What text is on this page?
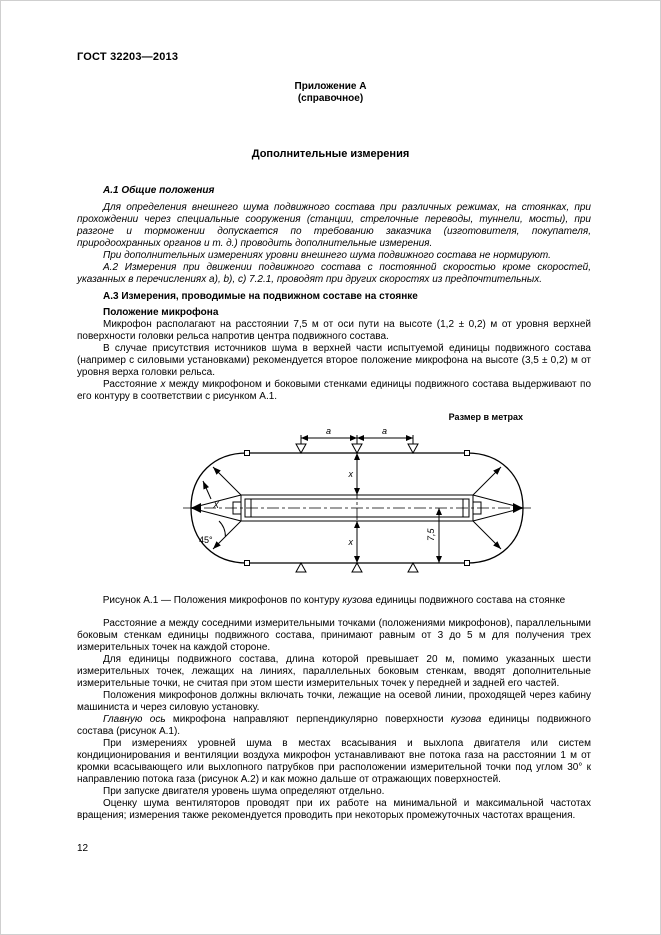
ГОСТ 32203—2013
Приложение А
(справочное)
Дополнительные измерения

А.1 Общие положения

Для определения внешнего шума подвижного состава при различных режимах, на стоянках, при прохождении через специальные сооружения (станции, стрелочные переводы, туннели, мосты), при разгоне и торможении допускается по требованию заказчика (изготовителя, покупателя, природоохранных органов и т. д.) проводить дополнительные измерения.

При дополнительных измерениях уровни внешнего шума подвижного состава не нормируют.

А.2 Измерения при движении подвижного состава с постоянной скоростью кроме скоростей, указанных в перечислениях а), b), с) 7.2.1, проводят при других скоростях из предпочтительных.

А.3 Измерения, проводимые на подвижном составе на стоянке

Положение микрофона

Микрофон располагают на расстоянии 7,5 м от оси пути на высоте (1,2 ± 0,2) м от уровня верхней поверхности головки рельса напротив центра подвижного состава.

В случае присутствия источников шума в верхней части испытуемой единицы подвижного состава (например с силовыми установками) рекомендуется второе положение микрофона на высоте (3,5 ± 0,2) м от уровня верха головки рельса.

Расстояние х между микрофоном и боковыми стенками единицы подвижного состава выдерживают по его контуру в соответствии с рисунком А.1.

Размер в метрах
а	а
х
х
X
7,5
45°

Рисунок А.1 — Положения микрофонов по контуру кузова единицы подвижного состава на стоянке

Расстояние а между соседними измерительными точками (положениями микрофонов), параллельными боковым стенкам единицы подвижного состава, принимают равным от 3 до 5 м для получения трех измерительных точек на каждой стороне.

Для единицы подвижного состава, длина которой превышает 20 м, помимо указанных шести измерительных точек, лежащих на линиях, параллельных боковым стенкам, вводят дополнительные измерительные точки, не считая при этом шести измерительных точек у передней и задней его частей.

Положения микрофонов должны включать точки, лежащие на осевой линии, проходящей через кабину машиниста и через силовую установку.

Главную ось микрофона направляют перпендикулярно поверхности кузова единицы подвижного состава (рисунок А.1).

При измерениях уровней шума в местах всасывания и выхлопа двигателя или систем кондиционирования и вентиляции воздуха микрофон устанавливают вне потока газа на расстоянии 1 м от кромки всасывающего или выхлопного патрубков при расположении измерительной точки под углом 30° к направлению потока газа (рисунок А.2) и как можно дальше от отражающих поверхностей.

При запуске двигателя уровень шума определяют отдельно.

Оценку шума вентиляторов проводят при их работе на минимальной и максимальной частотах вращения; измерения также рекомендуется проводить при некоторых промежуточных частотах вращения.

12
